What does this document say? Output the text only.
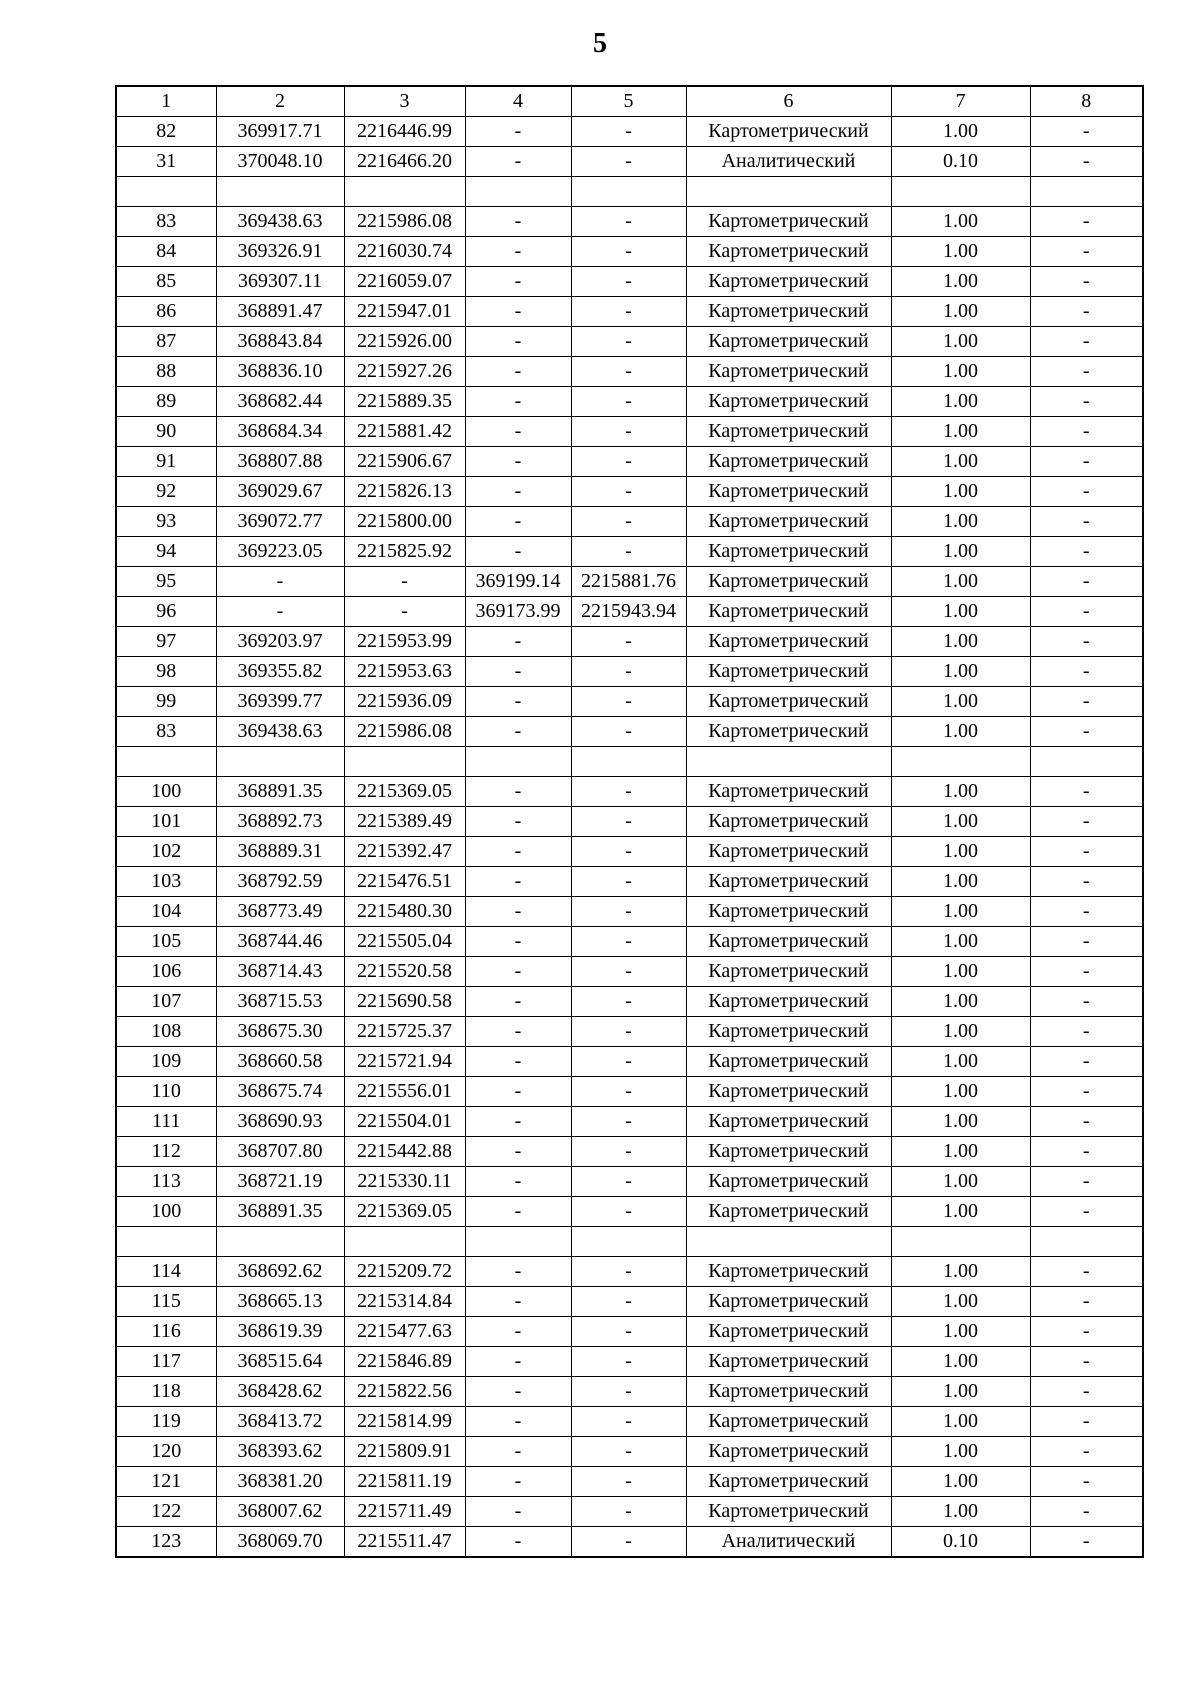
5
1	2	3	4	5	6	7	8
82	369917.71	2216446.99	-	-	Картометрический	1.00	-
31	370048.10	2216466.20	-	-	Аналитический	0.10	-

83	369438.63	2215986.08	-	-	Картометрический	1.00	-
84	369326.91	2216030.74	-	-	Картометрический	1.00	-
85	369307.11	2216059.07	-	-	Картометрический	1.00	-
86	368891.47	2215947.01	-	-	Картометрический	1.00	-
87	368843.84	2215926.00	-	-	Картометрический	1.00	-
88	368836.10	2215927.26	-	-	Картометрический	1.00	-
89	368682.44	2215889.35	-	-	Картометрический	1.00	-
90	368684.34	2215881.42	-	-	Картометрический	1.00	-
91	368807.88	2215906.67	-	-	Картометрический	1.00	-
92	369029.67	2215826.13	-	-	Картометрический	1.00	-
93	369072.77	2215800.00	-	-	Картометрический	1.00	-
94	369223.05	2215825.92	-	-	Картометрический	1.00	-
95	-	-	369199.14	2215881.76	Картометрический	1.00	-
96	-	-	369173.99	2215943.94	Картометрический	1.00	-
97	369203.97	2215953.99	-	-	Картометрический	1.00	-
98	369355.82	2215953.63	-	-	Картометрический	1.00	-
99	369399.77	2215936.09	-	-	Картометрический	1.00	-
83	369438.63	2215986.08	-	-	Картометрический	1.00	-

100	368891.35	2215369.05	-	-	Картометрический	1.00	-
101	368892.73	2215389.49	-	-	Картометрический	1.00	-
102	368889.31	2215392.47	-	-	Картометрический	1.00	-
103	368792.59	2215476.51	-	-	Картометрический	1.00	-
104	368773.49	2215480.30	-	-	Картометрический	1.00	-
105	368744.46	2215505.04	-	-	Картометрический	1.00	-
106	368714.43	2215520.58	-	-	Картометрический	1.00	-
107	368715.53	2215690.58	-	-	Картометрический	1.00	-
108	368675.30	2215725.37	-	-	Картометрический	1.00	-
109	368660.58	2215721.94	-	-	Картометрический	1.00	-
110	368675.74	2215556.01	-	-	Картометрический	1.00	-
111	368690.93	2215504.01	-	-	Картометрический	1.00	-
112	368707.80	2215442.88	-	-	Картометрический	1.00	-
113	368721.19	2215330.11	-	-	Картометрический	1.00	-
100	368891.35	2215369.05	-	-	Картометрический	1.00	-

114	368692.62	2215209.72	-	-	Картометрический	1.00	-
115	368665.13	2215314.84	-	-	Картометрический	1.00	-
116	368619.39	2215477.63	-	-	Картометрический	1.00	-
117	368515.64	2215846.89	-	-	Картометрический	1.00	-
118	368428.62	2215822.56	-	-	Картометрический	1.00	-
119	368413.72	2215814.99	-	-	Картометрический	1.00	-
120	368393.62	2215809.91	-	-	Картометрический	1.00	-
121	368381.20	2215811.19	-	-	Картометрический	1.00	-
122	368007.62	2215711.49	-	-	Картометрический	1.00	-
123	368069.70	2215511.47	-	-	Аналитический	0.10	-
